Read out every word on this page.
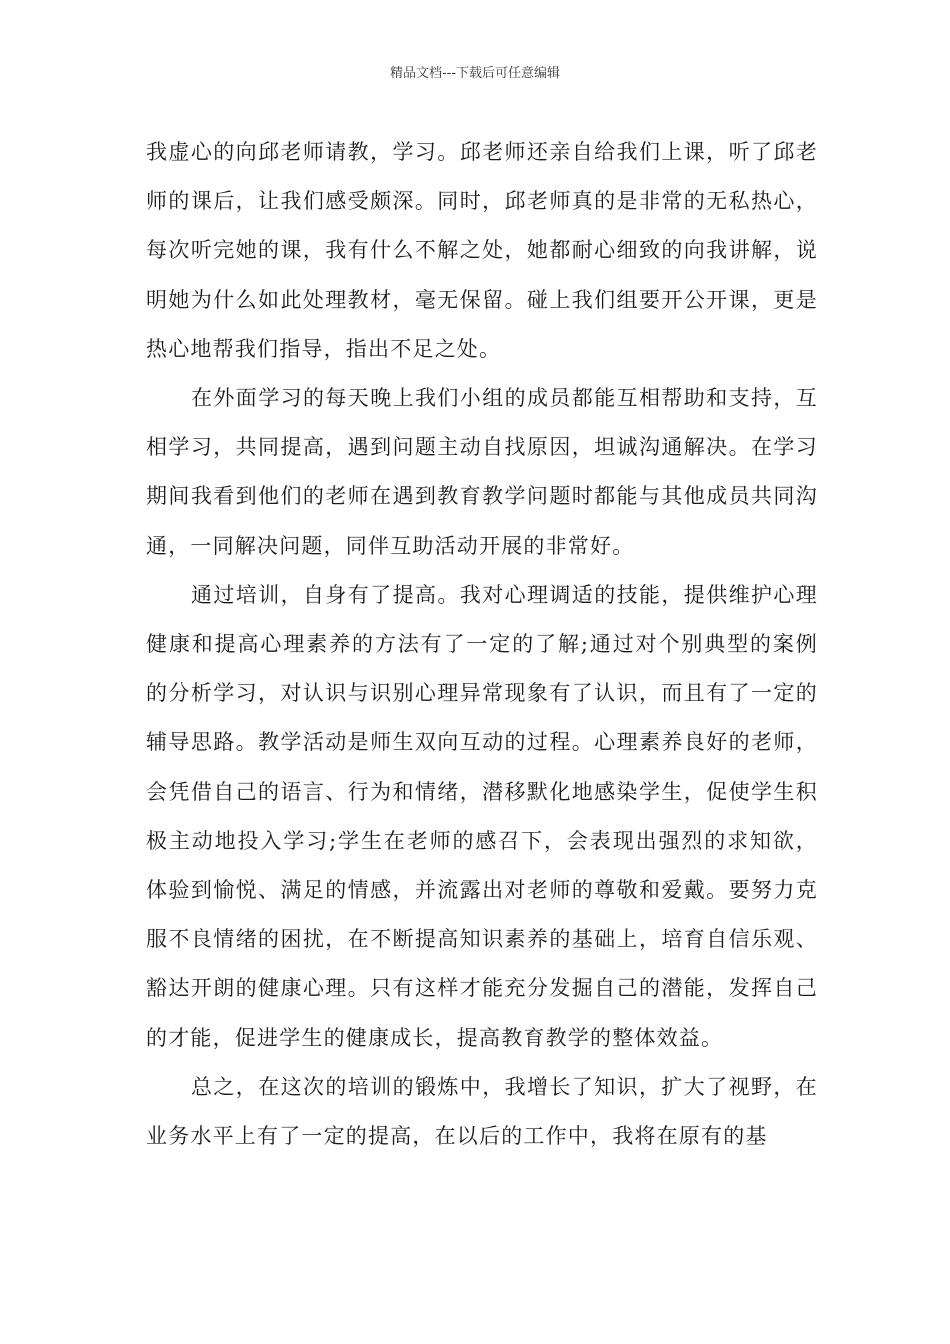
精品文档---下载后可任意编辑

我虚心的向邱老师请教，学习。邱老师还亲自给我们上课，听了邱老师的课后，让我们感受颇深。同时，邱老师真的是非常的无私热心，每次听完她的课，我有什么不解之处，她都耐心细致的向我讲解，说明她为什么如此处理教材，毫无保留。碰上我们组要开公开课，更是热心地帮我们指导，指出不足之处。

在外面学习的每天晚上我们小组的成员都能互相帮助和支持，互相学习，共同提高，遇到问题主动自找原因，坦诚沟通解决。在学习期间我看到他们的老师在遇到教育教学问题时都能与其他成员共同沟通，一同解决问题，同伴互助活动开展的非常好。

通过培训，自身有了提高。我对心理调适的技能，提供维护心理健康和提高心理素养的方法有了一定的了解;通过对个别典型的案例的分析学习，对认识与识别心理异常现象有了认识，而且有了一定的辅导思路。教学活动是师生双向互动的过程。心理素养良好的老师，会凭借自己的语言、行为和情绪，潜移默化地感染学生，促使学生积极主动地投入学习;学生在老师的感召下，会表现出强烈的求知欲，体验到愉悦、满足的情感，并流露出对老师的尊敬和爱戴。要努力克服不良情绪的困扰，在不断提高知识素养的基础上，培育自信乐观、豁达开朗的健康心理。只有这样才能充分发掘自己的潜能，发挥自己的才能，促进学生的健康成长，提高教育教学的整体效益。

总之，在这次的培训的锻炼中，我增长了知识，扩大了视野，在业务水平上有了一定的提高，在以后的工作中，我将在原有的基
